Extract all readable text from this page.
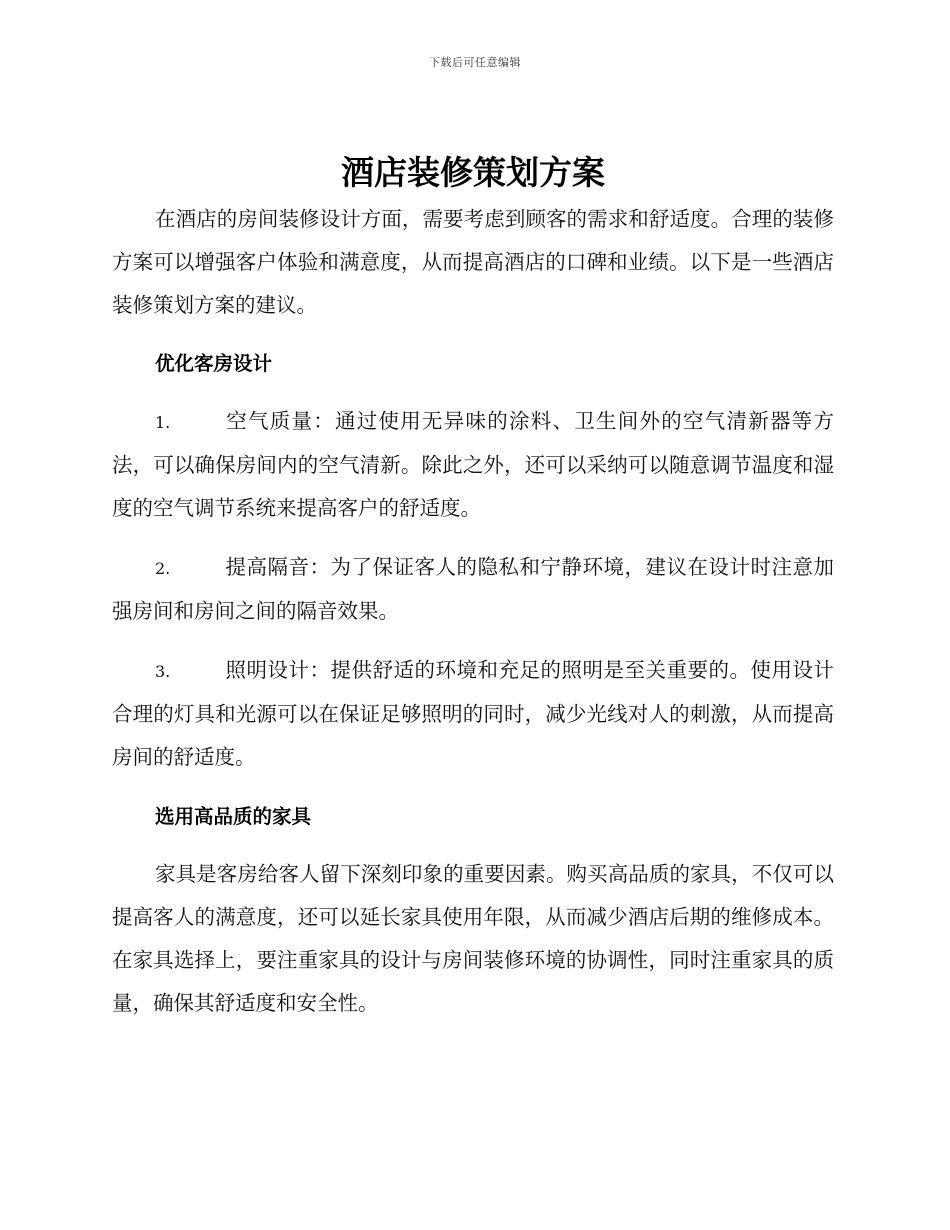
下载后可任意编辑
酒店装修策划方案

在酒店的房间装修设计方面，需要考虑到顾客的需求和舒适度。合理的装修方案可以增强客户体验和满意度，从而提高酒店的口碑和业绩。以下是一些酒店装修策划方案的建议。

优化客房设计

1.	空气质量：通过使用无异味的涂料、卫生间外的空气清新器等方法，可以确保房间内的空气清新。除此之外，还可以采纳可以随意调节温度和湿度的空气调节系统来提高客户的舒适度。

2.	提高隔音：为了保证客人的隐私和宁静环境，建议在设计时注意加强房间和房间之间的隔音效果。

3.	照明设计：提供舒适的环境和充足的照明是至关重要的。使用设计合理的灯具和光源可以在保证足够照明的同时，减少光线对人的刺激，从而提高房间的舒适度。

选用高品质的家具

家具是客房给客人留下深刻印象的重要因素。购买高品质的家具，不仅可以提高客人的满意度，还可以延长家具使用年限，从而减少酒店后期的维修成本。在家具选择上，要注重家具的设计与房间装修环境的协调性，同时注重家具的质量，确保其舒适度和安全性。
